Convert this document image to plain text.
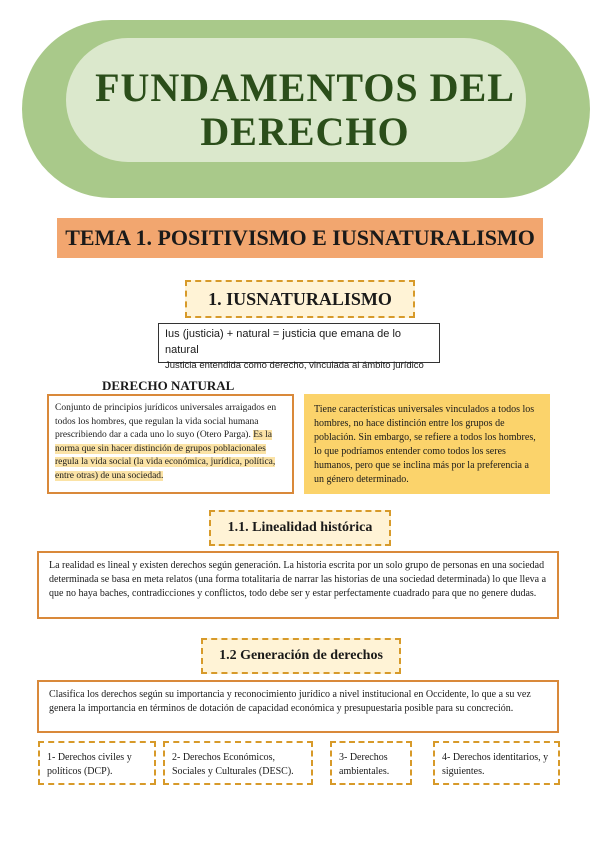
FUNDAMENTOS DEL
DERECHO
TEMA 1. POSITIVISMO E IUSNATURALISMO
1. IUSNATURALISMO
Ius (justicia) + natural = justicia que emana de lo natural
Justicia entendida como derecho, vinculada al ámbito jurídico
DERECHO NATURAL
Conjunto de principios jurídicos universales arraigados en todos los hombres, que regulan la vida social humana prescribiendo dar a cada uno lo suyo (Otero Parga). Es la norma que sin hacer distinción de grupos poblacionales regula la vida social (la vida económica, jurídica, política, entre otras) de una sociedad.
Tiene características universales vinculados a todos los hombres, no hace distinción entre los grupos de población. Sin embargo, se refiere a todos los hombres, lo que podríamos entender como todos los seres humanos, pero que se inclina más por la preferencia a un género determinado.
1.1. Linealidad histórica
La realidad es lineal y existen derechos según generación. La historia escrita por un solo grupo de personas en una sociedad determinada se basa en meta relatos (una forma totalitaria de narrar las historias de una sociedad determinada) lo que lleva a que no haya baches, contradicciones y conflictos, todo debe ser y estar perfectamente cuadrado para que no genere dudas.
1.2 Generación de derechos
Clasifica los derechos según su importancia y reconocimiento jurídico a nivel institucional en Occidente, lo que a su vez genera la importancia en términos de dotación de capacidad económica y presupuestaria posible para su concreción.
1- Derechos civiles y políticos (DCP).
2- Derechos Económicos, Sociales y Culturales (DESC).
3- Derechos ambientales.
4- Derechos identitarios, y siguientes.
